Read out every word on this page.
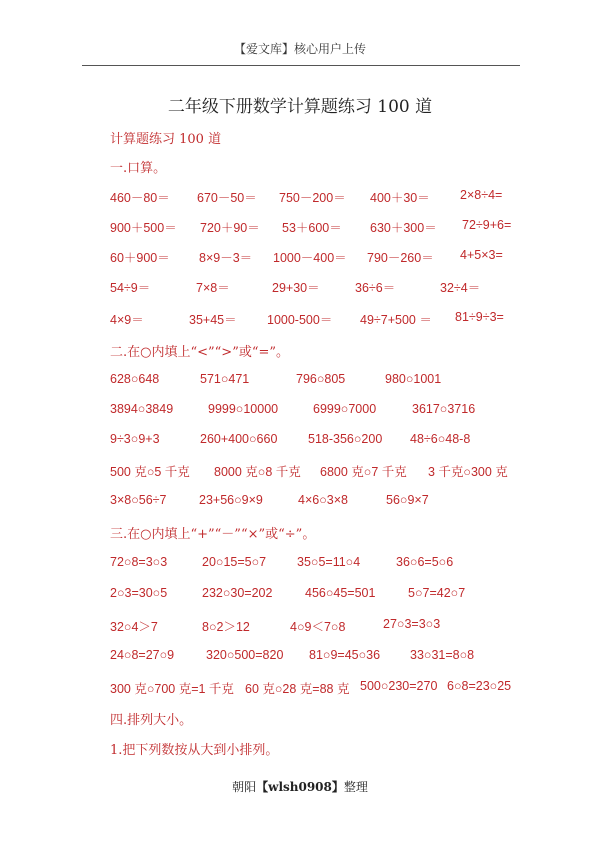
【爱文库】核心用户上传
二年级下册数学计算题练习 100 道
计算题练习 100 道
一.口算。
460－80＝ 670－50＝ 750－200＝ 400＋30＝ 2×8÷4=
900＋500＝ 720＋90＝ 53＋600＝ 630＋300＝ 72÷9+6=
60＋900＝ 8×9－3＝ 1000－400＝ 790－260＝ 4+5×3=
54÷9＝	7×8＝	29+30＝	36÷6＝	32÷4＝
4×9＝	35+45＝ 1000-500＝ 49÷7+500 ＝ 81÷9÷3=
二.在○内填上“<”“>”或“=”。
628○648	571○471	796○805	980○1001
3894○3849	9999○10000	6999○7000	3617○3716
9÷3○9+3	260+400○660 518-356○200 48÷6○48-8
500 克○5 千克 8000 克○8 千克 6800 克○7 千克 3 千克○300 克
3×8○56÷7	23+56○9×9	4×6○3×8	56○9×7
三.在○内填上“+”“－”“×”或“÷”。
72○8=3○3	20○15=5○7 35○5=11○4	36○6=5○6
2○3=30○5	232○30=202	456○45=501	5○7=42○7
32○4＞7	8○2＞12	4○9＜7○8	27○3=3○3
24○8=27○9	320○500=820 81○9=45○36 33○31=8○8
300 克○700 克=1 千克 60 克○28 克=88 克 500○230=270 6○8=23○25
四.排列大小。
1.把下列数按从大到小排列。
朝阳【wlsh0908】整理
